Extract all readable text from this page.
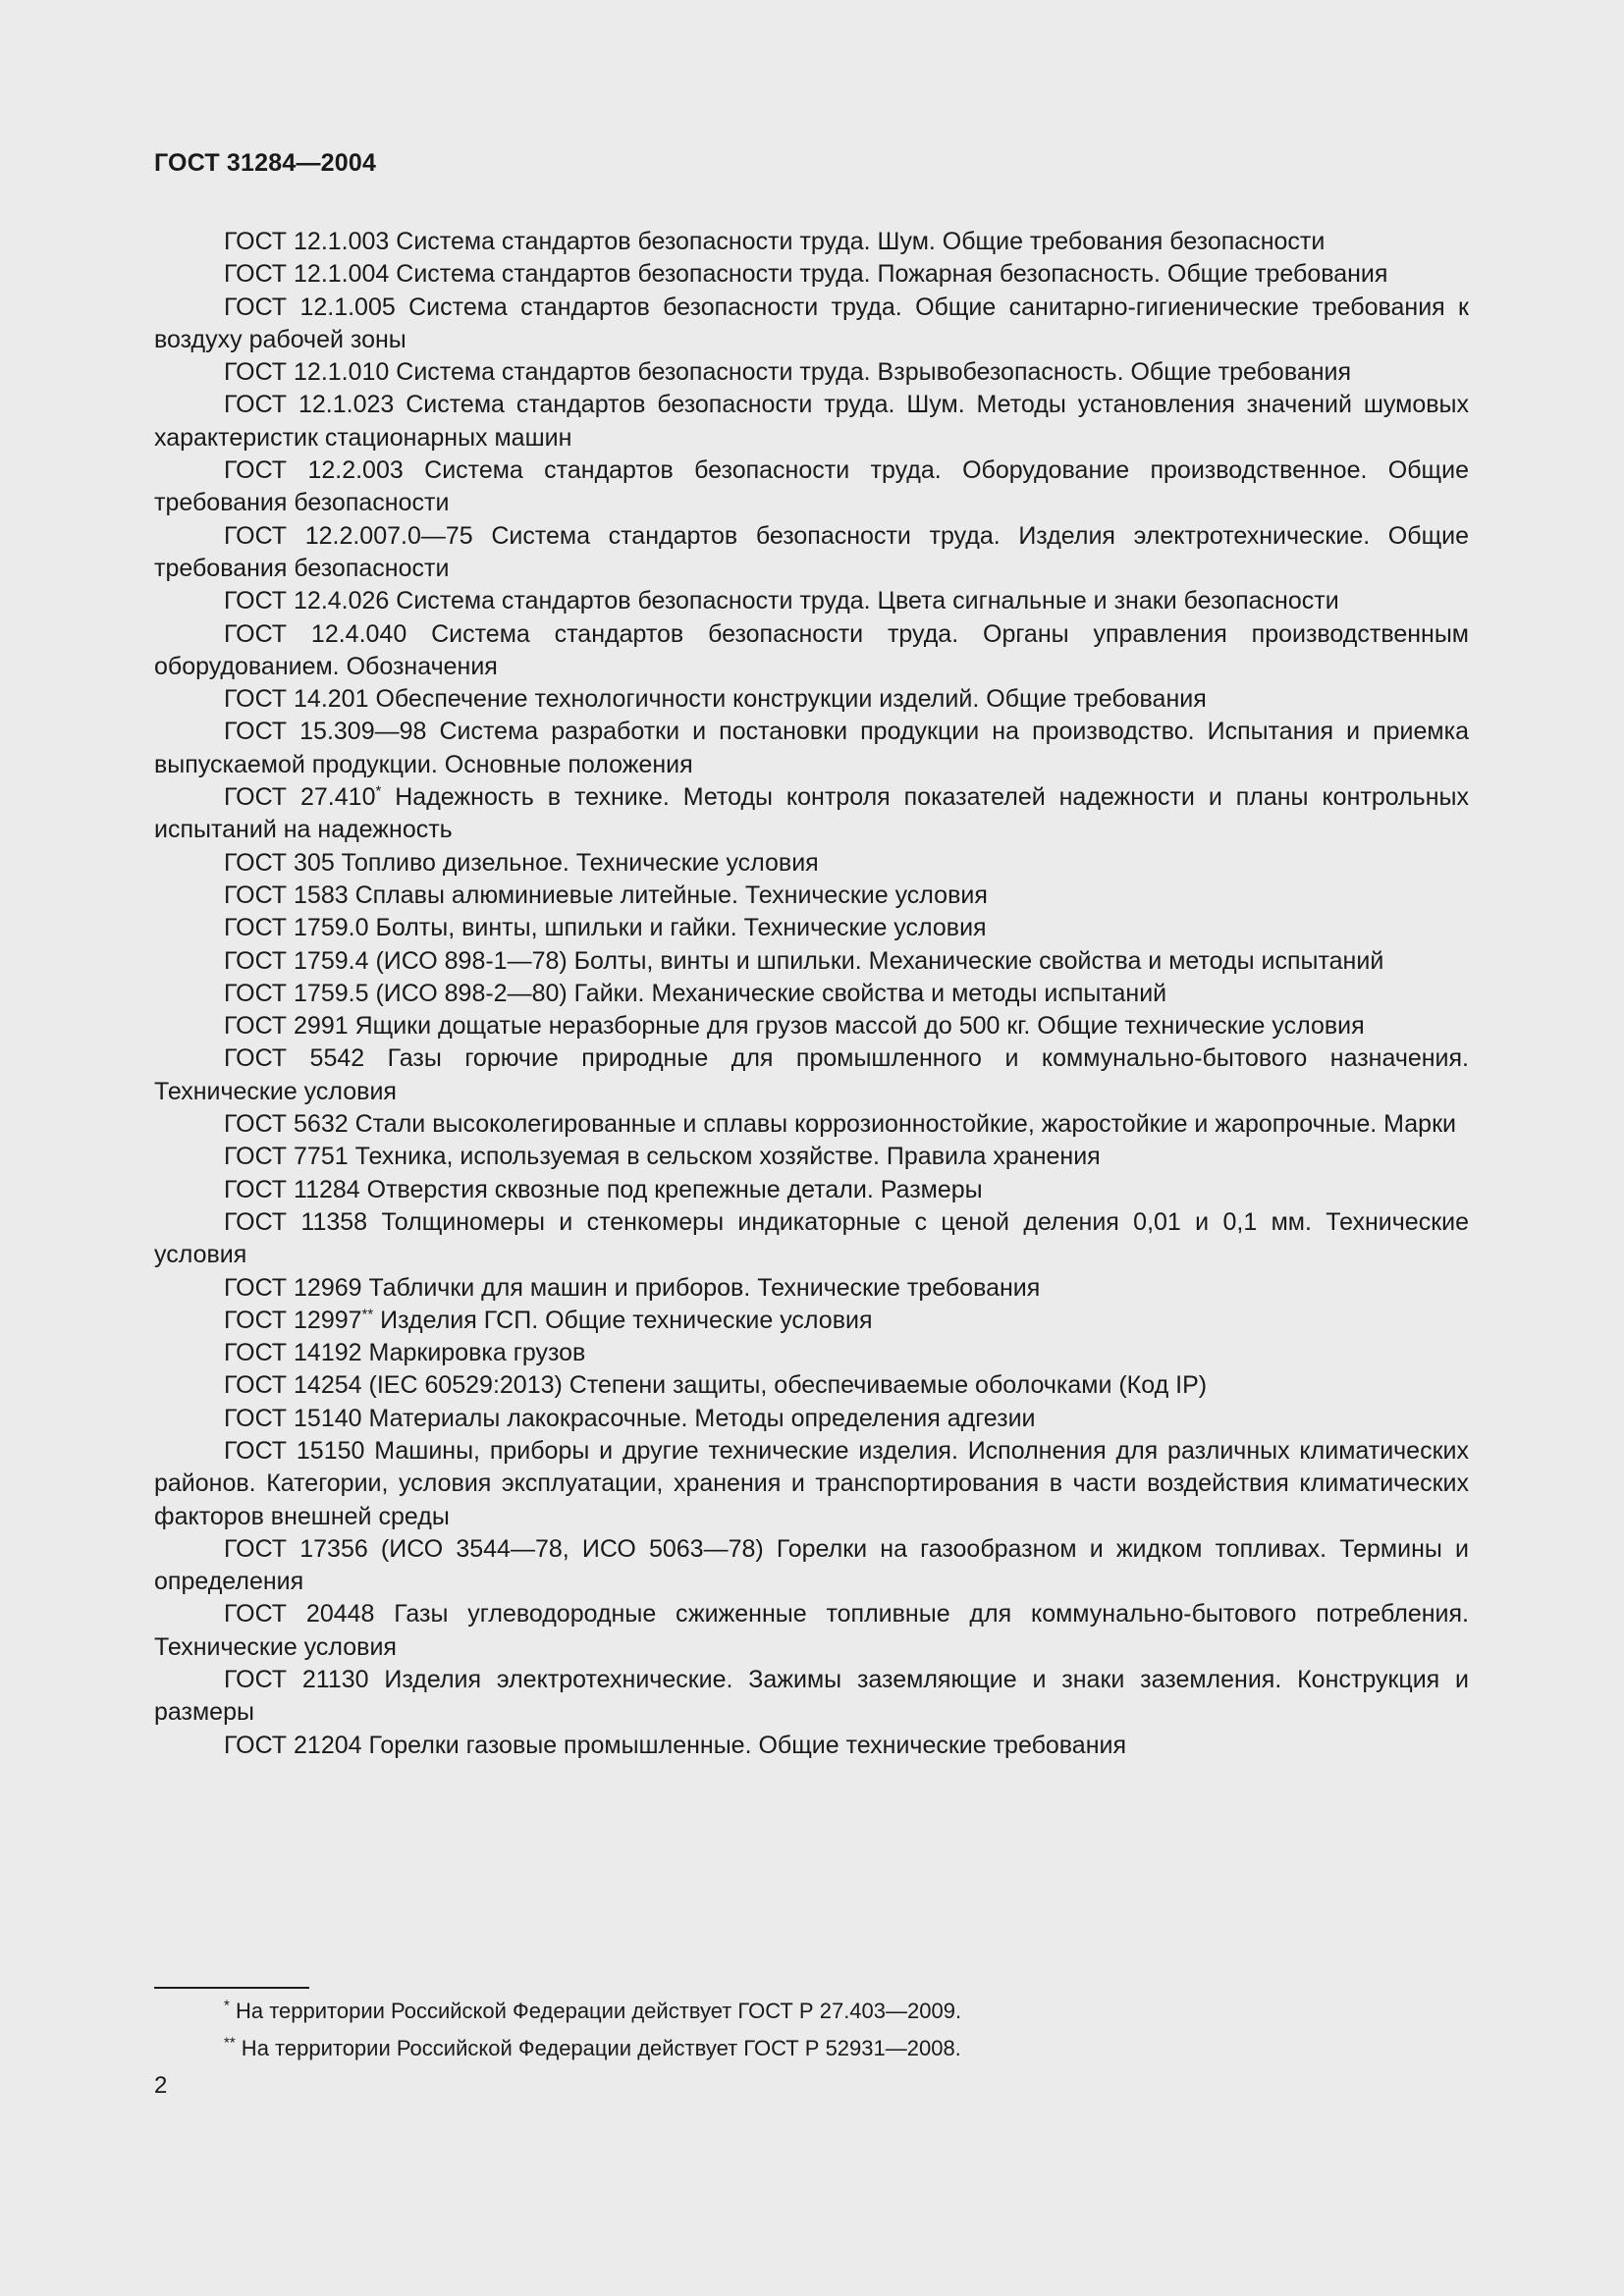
ГОСТ 31284—2004

ГОСТ 12.1.003 Система стандартов безопасности труда. Шум. Общие требования безопасности

ГОСТ 12.1.004 Система стандартов безопасности труда. Пожарная безопасность. Общие требования

ГОСТ 12.1.005 Система стандартов безопасности труда. Общие санитарно-гигиенические требования к воздуху рабочей зоны

ГОСТ 12.1.010 Система стандартов безопасности труда. Взрывобезопасность. Общие требования

ГОСТ 12.1.023 Система стандартов безопасности труда. Шум. Методы установления значений шумовых характеристик стационарных машин

ГОСТ 12.2.003 Система стандартов безопасности труда. Оборудование производственное. Общие требования безопасности

ГОСТ 12.2.007.0—75 Система стандартов безопасности труда. Изделия электротехнические. Общие требования безопасности

ГОСТ 12.4.026 Система стандартов безопасности труда. Цвета сигнальные и знаки безопасности

ГОСТ 12.4.040 Система стандартов безопасности труда. Органы управления производственным оборудованием. Обозначения

ГОСТ 14.201 Обеспечение технологичности конструкции изделий. Общие требования

ГОСТ 15.309—98 Система разработки и постановки продукции на производство. Испытания и приемка выпускаемой продукции. Основные положения

ГОСТ 27.410* Надежность в технике. Методы контроля показателей надежности и планы контрольных испытаний на надежность

ГОСТ 305 Топливо дизельное. Технические условия

ГОСТ 1583 Сплавы алюминиевые литейные. Технические условия

ГОСТ 1759.0 Болты, винты, шпильки и гайки. Технические условия

ГОСТ 1759.4 (ИСО 898-1—78) Болты, винты и шпильки. Механические свойства и методы испытаний

ГОСТ 1759.5 (ИСО 898-2—80) Гайки. Механические свойства и методы испытаний

ГОСТ 2991 Ящики дощатые неразборные для грузов массой до 500 кг. Общие технические условия

ГОСТ 5542 Газы горючие природные для промышленного и коммунально-бытового назначения. Технические условия

ГОСТ 5632 Стали высоколегированные и сплавы коррозионностойкие, жаростойкие и жаропрочные. Марки

ГОСТ 7751 Техника, используемая в сельском хозяйстве. Правила хранения

ГОСТ 11284 Отверстия сквозные под крепежные детали. Размеры

ГОСТ 11358 Толщиномеры и стенкомеры индикаторные с ценой деления 0,01 и 0,1 мм. Технические условия

ГОСТ 12969 Таблички для машин и приборов. Технические требования

ГОСТ 12997** Изделия ГСП. Общие технические условия

ГОСТ 14192 Маркировка грузов

ГОСТ 14254 (IEC 60529:2013) Степени защиты, обеспечиваемые оболочками (Код IP)

ГОСТ 15140 Материалы лакокрасочные. Методы определения адгезии

ГОСТ 15150 Машины, приборы и другие технические изделия. Исполнения для различных климатических районов. Категории, условия эксплуатации, хранения и транспортирования в части воздействия климатических факторов внешней среды

ГОСТ 17356 (ИСО 3544—78, ИСО 5063—78) Горелки на газообразном и жидком топливах. Термины и определения

ГОСТ 20448 Газы углеводородные сжиженные топливные для коммунально-бытового потребления. Технические условия

ГОСТ 21130 Изделия электротехнические. Зажимы заземляющие и знаки заземления. Конструкция и размеры

ГОСТ 21204 Горелки газовые промышленные. Общие технические требования

* На территории Российской Федерации действует ГОСТ Р 27.403—2009.

** На территории Российской Федерации действует ГОСТ Р 52931—2008.

2
